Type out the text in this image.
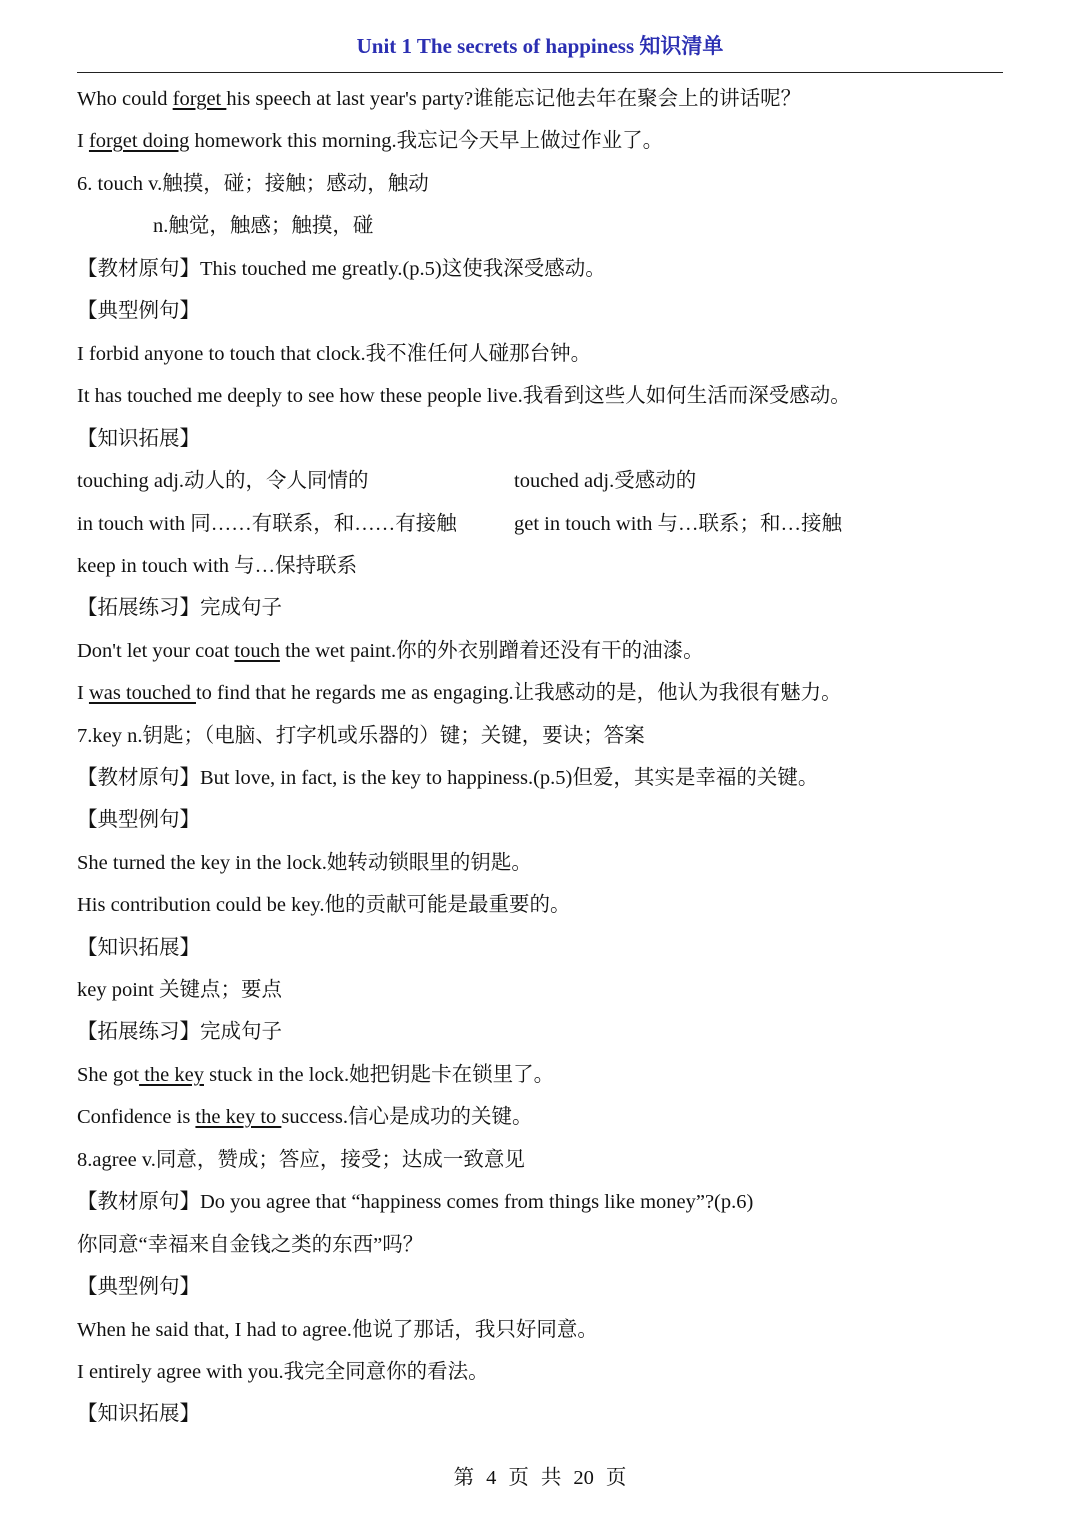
Unit 1 The secrets of happiness 知识清单
Who could forget his speech at last year's party?谁能忘记他去年在聚会上的讲话呢？
I forget doing homework this morning.我忘记今天早上做过作业了。
6. touch v.触摸，碰；接触；感动，触动
n.触觉，触感；触摸，碰
【教材原句】This touched me greatly.(p.5)这使我深受感动。
【典型例句】
I forbid anyone to touch that clock.我不准任何人碰那台钟。
It has touched me deeply to see how these people live.我看到这些人如何生活而深受感动。
【知识拓展】
touching adj.动人的，令人同情的	touched adj.受感动的
in touch with 同……有联系，和……有接触	get in touch with 与…联系；和…接触
keep in touch with 与…保持联系
【拓展练习】完成句子
Don't let your coat touch the wet paint.你的外衣别蹭着还没有干的油漆。
I was touched to find that he regards me as engaging.让我感动的是，他认为我很有魅力。
7.key n.钥匙；（电脑、打字机或乐器的）键；关键，要诀；答案
【教材原句】But love, in fact, is the key to happiness.(p.5)但爱，其实是幸福的关键。
【典型例句】
She turned the key in the lock.她转动锁眼里的钥匙。
His contribution could be key.他的贡献可能是最重要的。
【知识拓展】
key point 关键点；要点
【拓展练习】完成句子
She got the key stuck in the lock.她把钥匙卡在锁里了。
Confidence is the key to success.信心是成功的关键。
8.agree v.同意，赞成；答应，接受；达成一致意见
【教材原句】Do you agree that “happiness comes from things like money”?(p.6)
你同意“幸福来自金钱之类的东西”吗？
【典型例句】
When he said that, I had to agree.他说了那话，我只好同意。
I entirely agree with you.我完全同意你的看法。
【知识拓展】
第 4 页 共 20 页
